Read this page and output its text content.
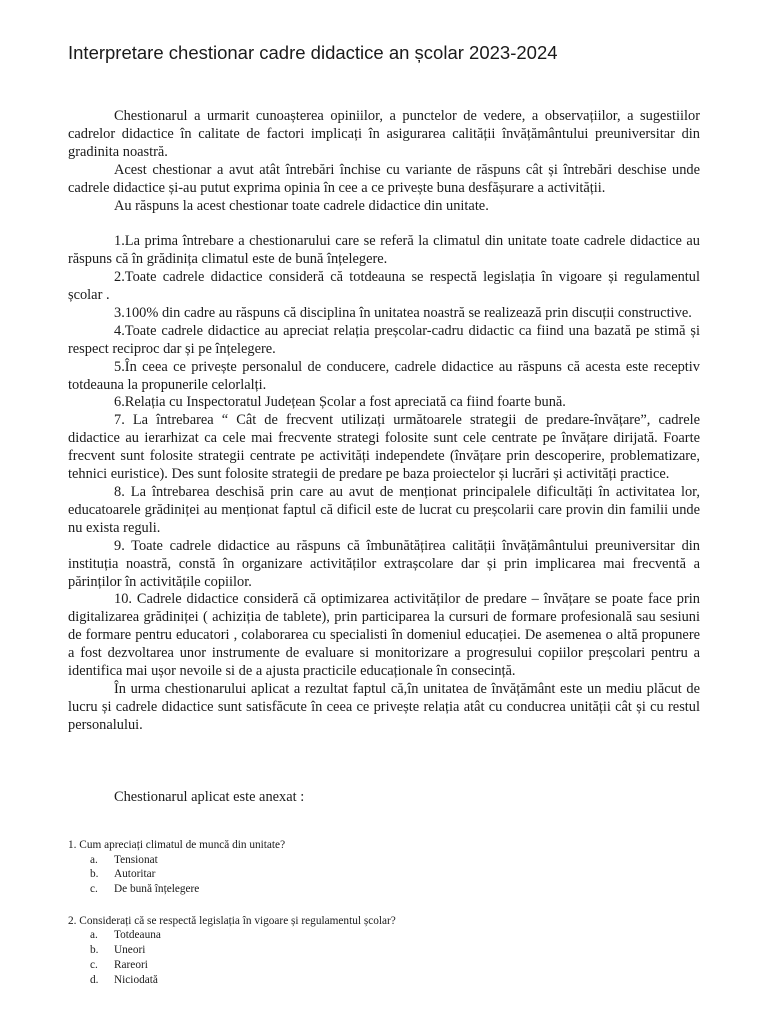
Interpretare chestionar cadre didactice an școlar 2023-2024

Chestionarul a urmarit cunoașterea opiniilor, a punctelor de vedere, a observațiilor, a sugestiilor cadrelor didactice în calitate de factori implicați în asigurarea calității învățământului preuniversitar din gradinita noastră.

Acest chestionar a avut atât întrebări închise cu variante de răspuns cât și întrebări deschise unde cadrele didactice și-au putut exprima opinia în cee a ce privește buna desfășurare a activității.

Au răspuns la acest chestionar toate cadrele didactice din unitate.

1.La prima întrebare a chestionarului care se referă la climatul din unitate toate cadrele didactice au răspuns că în grădinița climatul este de bună înțelegere.

2.Toate cadrele didactice consideră că totdeauna se respectă legislația în vigoare și regulamentul școlar .

3.100% din cadre au răspuns că disciplina în unitatea noastră se realizează prin discuții constructive.

4.Toate cadrele didactice au apreciat relația preșcolar-cadru didactic ca fiind una bazată pe stimă și respect reciproc dar și pe înțelegere.

5.În ceea ce privește personalul de conducere, cadrele didactice au răspuns că acesta este receptiv totdeauna la propunerile celorlalți.

6.Relația cu Inspectoratul Județean Școlar a fost apreciată ca fiind foarte bună.

7. La întrebarea “ Cât de frecvent utilizați următoarele strategii de predare-învățare”, cadrele didactice au ierarhizat ca cele mai frecvente strategi folosite sunt cele centrate pe învățare dirijată. Foarte frecvent sunt folosite strategii centrate pe activități independete (învățare prin descoperire, problematizare, tehnici euristice). Des sunt folosite strategii de predare pe baza proiectelor și lucrări și activități practice.

8. La întrebarea deschisă prin care au avut de menționat principalele dificultăți în activitatea lor, educatoarele grădiniței au menționat faptul că dificil este de lucrat cu preșcolarii care provin din familii unde nu exista reguli.

9. Toate cadrele didactice au răspuns că îmbunătățirea calității învățământului preuniversitar din instituția noastră, constă în organizare activităților extrașcolare dar și prin implicarea mai frecventă a părinților în activitățile copiilor.

10. Cadrele didactice consideră că optimizarea activităților de predare – învățare se poate face prin digitalizarea grădiniței ( achiziția de tablete), prin participarea la cursuri de formare profesională sau sesiuni de formare pentru educatori , colaborarea cu specialisti în domeniul educației. De asemenea o altă propunere a fost dezvoltarea unor instrumente de evaluare si monitorizare a progresului copiilor preșcolari pentru a identifica mai ușor nevoile si de a ajusta practicile educaționale în consecință.

În urma chestionarului aplicat a rezultat faptul că,în unitatea de învățământ este un mediu plăcut de lucru și cadrele didactice sunt satisfăcute în ceea ce privește relația atât cu conducrea unității cât și cu restul personalului.

Chestionarul aplicat este anexat :
1. Cum apreciați climatul de muncă din unitate?
a.	Tensionat
b.	Autoritar
c.	De bună înțelegere
2. Considerați că se respectă legislația în vigoare și regulamentul școlar?
a.	Totdeauna
b.	Uneori
c.	Rareori
d.	Niciodată
